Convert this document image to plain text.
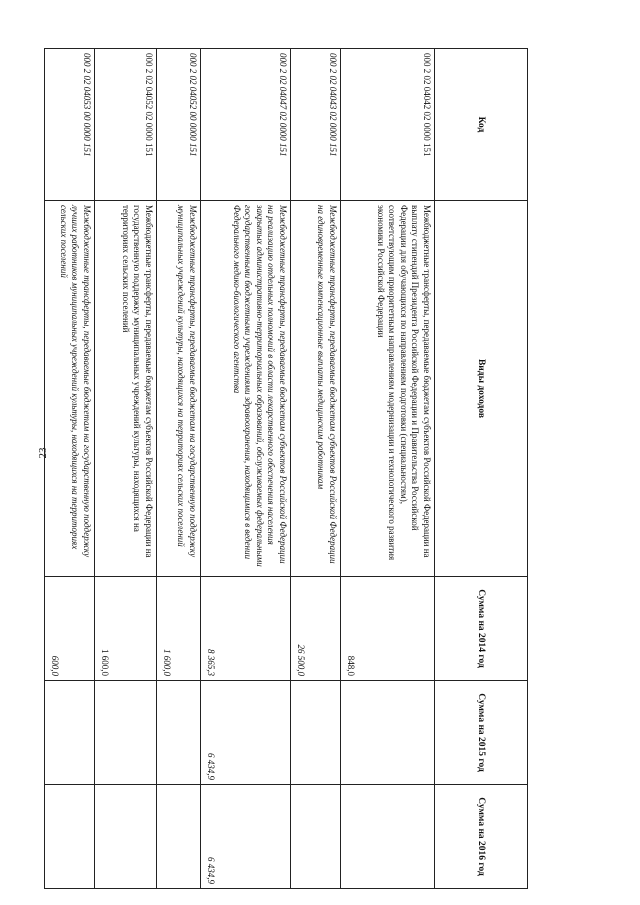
23
Код	Виды доходов	Сумма на 2014 год	Сумма на 2015 год	Сумма на 2016 год
000 2 02 04042 02 0000 151	Межбюджетные трансферты, передаваемые бюджетам субъектов Российской Федерации на выплату стипендий Президента Российской Федерации и Правительства Российской Федерации для обучающихся по направлениям подготовки (специальностям), соответствующим приоритетным направлениям модернизации и технологического развития экономики Российской Федерации	848,0		
000 2 02 04043 02 0000 151	Межбюджетные трансферты, передаваемые бюджетам субъектов Российской Федерации на единовременные компенсационные выплаты медицинским работникам	26 500,0		
000 2 02 04047 02 0000 151	Межбюджетные трансферты, передаваемые бюджетам субъектов Российской Федерации на реализацию отдельных полномочий в области лекарственного обеспечения населения закрытых административно-территориальных образований, обслуживаемых федеральными государственными бюджетными учреждениями здравоохранения, находящимися в ведении Федерального медико-биологического агентства	8 365,3	6 434,9	6 434,9
000 2 02 04052 00 0000 151	Межбюджетные трансферты, передаваемые бюджетам на государственную поддержку муниципальных учреждений культуры, находящихся на территориях сельских поселений	1 600,0		
000 2 02 04052 02 0000 151	Межбюджетные трансферты, передаваемые бюджетам субъектов Российской Федерации на государственную поддержку муниципальных учреждений культуры, находящихся на территориях сельских поселений	1 600,0		
000 2 02 04053 00 0000 151	Межбюджетные трансферты, передаваемые бюджетам на государственную поддержку лучших работников муниципальных учреждений культуры, находящихся на территориях сельских поселений	600,0		
